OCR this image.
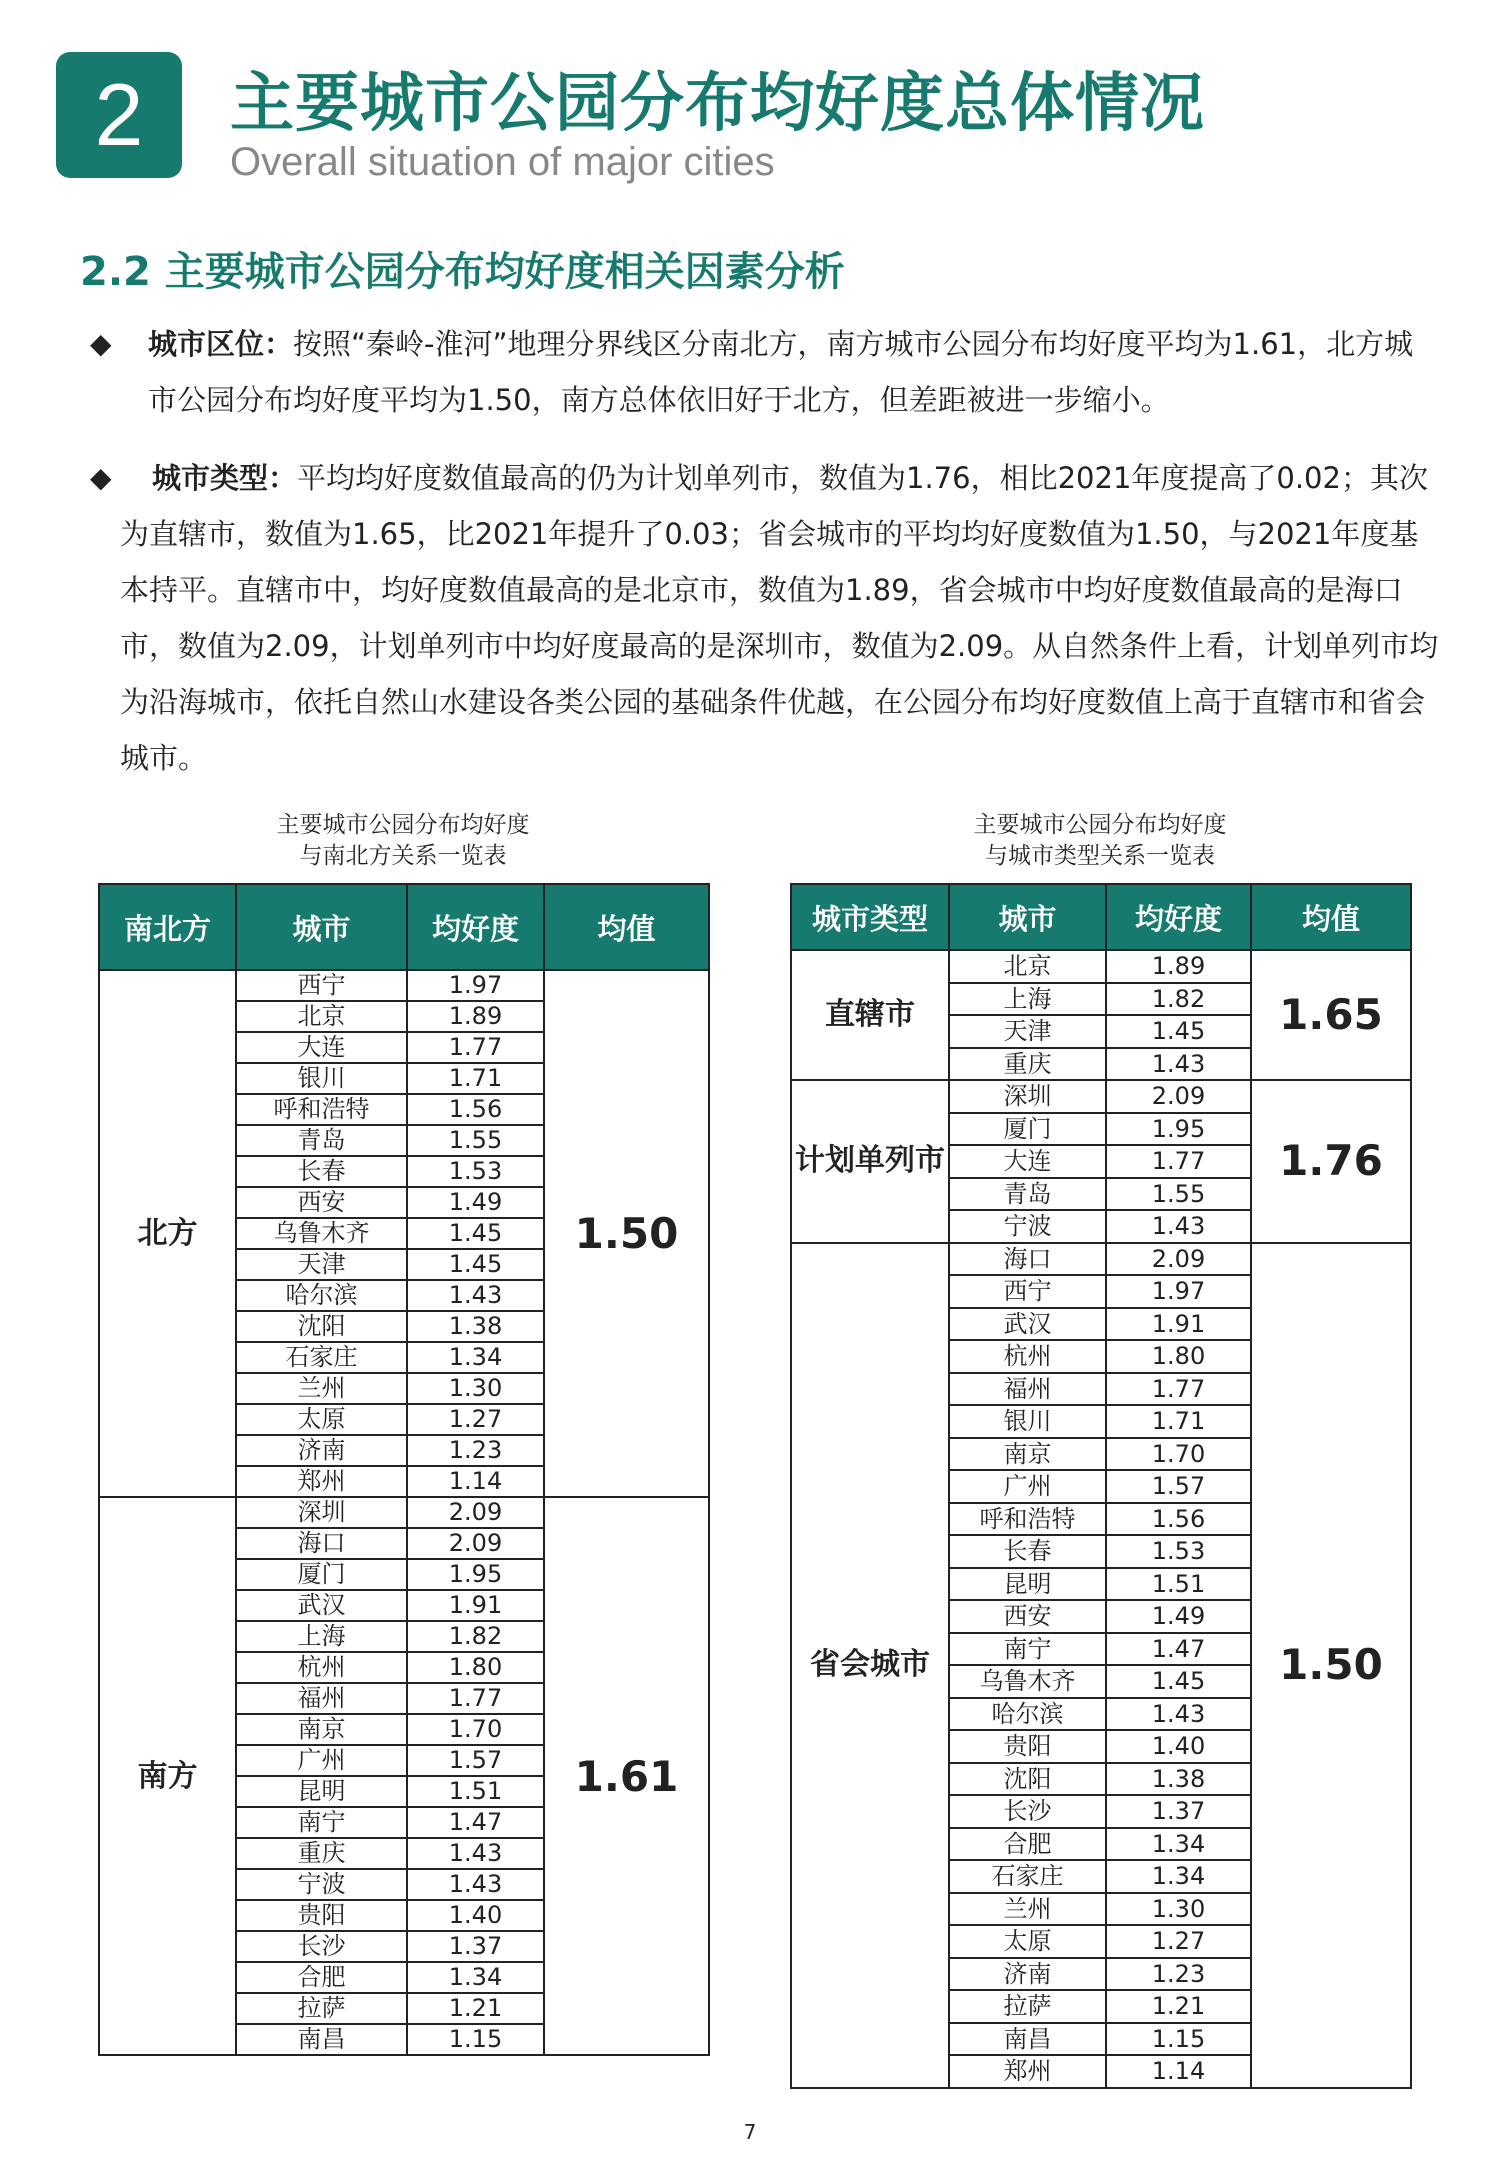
2	主要城市公园分布均好度总体情况
Overall situation of major cities
2.2 主要城市公园分布均好度相关因素分析
◆ 城市区位：按照“秦岭-淮河”地理分界线区分南北方，南方城市公园分布均好度平均为1.61，北方城市公园分布均好度平均为1.50，南方总体依旧好于北方，但差距被进一步缩小。
◆ 城市类型：平均均好度数值最高的仍为计划单列市，数值为1.76，相比2021年度提高了0.02；其次为直辖市，数值为1.65，比2021年提升了0.03；省会城市的平均均好度数值为1.50，与2021年度基本持平。直辖市中，均好度数值最高的是北京市，数值为1.89，省会城市中均好度数值最高的是海口市，数值为2.09，计划单列市中均好度最高的是深圳市，数值为2.09。从自然条件上看，计划单列市均为沿海城市，依托自然山水建设各类公园的基础条件优越，在公园分布均好度数值上高于直辖市和省会城市。
主要城市公园分布均好度
与南北方关系一览表
南北方	城市	均好度	均值
北方	西宁	1.97	1.50
	北京	1.89	
	大连	1.77	
	银川	1.71	
	呼和浩特	1.56	
	青岛	1.55	
	长春	1.53	
	西安	1.49	
	乌鲁木齐	1.45	
	天津	1.45	
	哈尔滨	1.43	
	沈阳	1.38	
	石家庄	1.34	
	兰州	1.30	
	太原	1.27	
	济南	1.23	
	郑州	1.14	
南方	深圳	2.09	1.61
	海口	2.09	
	厦门	1.95	
	武汉	1.91	
	上海	1.82	
	杭州	1.80	
	福州	1.77	
	南京	1.70	
	广州	1.57	
	昆明	1.51	
	南宁	1.47	
	重庆	1.43	
	宁波	1.43	
	贵阳	1.40	
	长沙	1.37	
	合肥	1.34	
	拉萨	1.21	
	南昌	1.15	
主要城市公园分布均好度
与城市类型关系一览表
城市类型	城市	均好度	均值
直辖市	北京	1.89	1.65
	上海	1.82	
	天津	1.45	
	重庆	1.43	
计划单列市	深圳	2.09	1.76
	厦门	1.95	
	大连	1.77	
	青岛	1.55	
	宁波	1.43	
省会城市	海口	2.09	1.50
	西宁	1.97	
	武汉	1.91	
	杭州	1.80	
	福州	1.77	
	银川	1.71	
	南京	1.70	
	广州	1.57	
	呼和浩特	1.56	
	长春	1.53	
	昆明	1.51	
	西安	1.49	
	南宁	1.47	
	乌鲁木齐	1.45	
	哈尔滨	1.43	
	贵阳	1.40	
	沈阳	1.38	
	长沙	1.37	
	合肥	1.34	
	石家庄	1.34	
	兰州	1.30	
	太原	1.27	
	济南	1.23	
	拉萨	1.21	
	南昌	1.15	
	郑州	1.14	
7
